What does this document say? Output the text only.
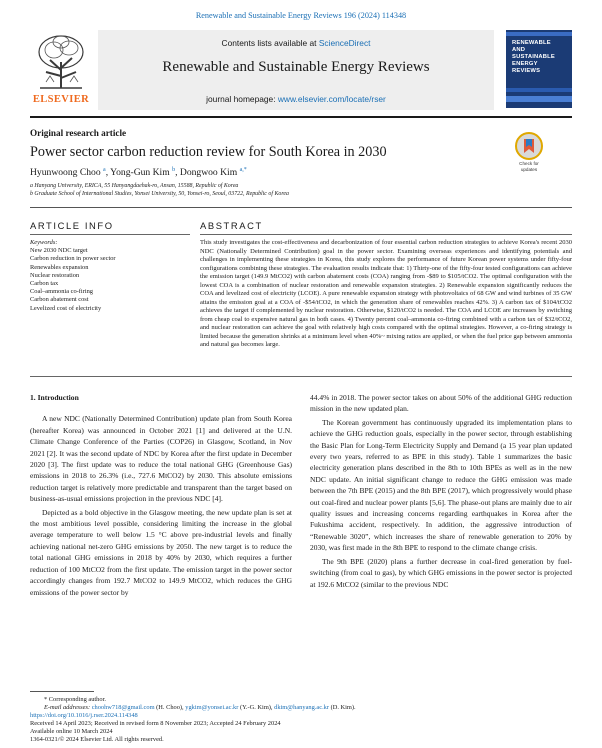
Renewable and Sustainable Energy Reviews 196 (2024) 114348
ELSEVIER
Contents lists available at ScienceDirect
Renewable and Sustainable Energy Reviews
journal homepage: www.elsevier.com/locate/rser
RENEWABLE
AND
SUSTAINABLE
ENERGY
REVIEWS
Original research article
Power sector carbon reduction review for South Korea in 2030
Check for updates
Hyunwoong Choo $^a$, Yong-Gun Kim $^b$, Dongwoo Kim $^{a,*}$
a Hanyang University, ERICA, 55 Hanyangdaehak-ro, Ansan, 15588, Republic of Korea
b Graduate School of International Studies, Yonsei University, 50, Yonsei-ro, Seoul, 03722, Republic of Korea
ARTICLE INFO	ABSTRACT
Keywords:
New 2030 NDC target
Carbon reduction in power sector
Renewables expansion
Nuclear restoration
Carbon tax
Coal–ammonia co-firing
Carbon abatement cost
Levelized cost of electricity
This study investigates the cost-effectiveness and decarbonization of four essential carbon reduction strategies to achieve Korea's recent 2030 NDC (Nationally Determined Contribution) goal in the power sector. Examining overseas experiences and identifying potentials and challenges in implementing these strategies in Korea, this study explores the performance of future Korean power systems under fifty-four configurations combining these strategies. The evaluation results indicate that: 1) Thirty-one of the fifty-four tested configurations can achieve the emission target (149.9 MtCO2) with carbon abatement costs (COA) ranging from -$89 to $105/tCO2. The optimal configuration with the lowest COA is a combination of nuclear restoration and renewable expansion strategies. 2) Renewable expansion significantly reduces the COA and levelized cost of electricity (LCOE). A pure renewable expansion strategy with photovoltaics of 68 GW and wind turbines of 35 GW attains the emission goal at a COA of -$54/tCO2, in which the generation share of renewables reaches 42%. 3) A carbon tax of $104/tCO2 achieves the target if complemented by nuclear restoration. Otherwise, $120/tCO2 is needed. The COA and LCOE are increases by switching from cheap coal to expensive natural gas in both cases. 4) Twenty percent coal–ammonia co-firing combined with a carbon tax of $32/tCO2, and nuclear restoration can achieve the goal with relatively high costs compared with the optimal strategies. However, a co-firing strategy is limited because the generation shrinks at a minimum level when 40%~ mixing ratios are applied, or when the fuel price gap between ammonia and natural gas becomes large.
1. Introduction

A new NDC (Nationally Determined Contribution) update plan from South Korea (hereafter Korea) was announced in October 2021 [1] and delivered at the U.N. Climate Change Conference of the Parties (COP26) in Glasgow, Scotland, in Nov 2021 [2]. It was the second update of NDC by Korea after the first update in December 2020 [3]. The first update was to reduce the total national GHG (Greenhouse Gas) emissions in 2018 to 26.3% (i.e., 727.6 MtCO2) by 2030. This absolute emissions reduction target is relatively more predictable and transparent than the target based on business-as-usual emissions projection in the previous NDC [4].

Depicted as a bold objective in the Glasgow meeting, the new update plan is set at the most ambitious level possible, considering limiting the increase in the global average temperature to well below 1.5 °C above pre-industrial levels and finally achieving national net-zero GHG emissions by 2050. The new target is to reduce the total national GHG emissions in 2018 by 40% by 2030, which requires a further reduction of 100 MtCO2 from the first update. The emission target in the power sector accordingly changes from 192.7 MtCO2 to 149.9 MtCO2, which reduces the GHG emissions of the power sector by

44.4% in 2018. The power sector takes on about 50% of the additional GHG reduction mission in the new updated plan.

The Korean government has continuously upgraded its implementation plans to achieve the GHG reduction goals, especially in the power sector, through establishing the Basic Plan for Long-Term Electricity Supply and Demand (a 15 year plan updated every two years, referred to as BPE in this study). Table 1 summarizes the basic electricity generation plans described in the 8th to 10th BPEs as well as in the new NDC update. An initial significant change to reduce the GHG emission was made between the 7th BPE (2015) and the 8th BPE (2017), which progressively would phase out coal-fired and nuclear power plants [5,6]. The phase-out plans are mainly due to air quality issues and increasing concerns regarding earthquakes in Korea after the Fukushima accident, respectively. In addition, the aggressive introduction of “Renewable 3020”, which increases the share of renewable generation to 20% by 2030, was first made in the 8th BPE to respond to the climate change crisis.

The 9th BPE (2020) plans a further decrease in coal-fired generation by fuel-switching (from coal to gas), by which GHG emissions in the power sector is projected at 192.6 MtCO2 (similar to the previous NDC

* Corresponding author.
E-mail addresses: choohw718@gmail.com (H. Choo), ygkim@yonsei.ac.kr (Y.-G. Kim), dkim@hanyang.ac.kr (D. Kim).
https://doi.org/10.1016/j.rser.2024.114348
Received 14 April 2023; Received in revised form 8 November 2023; Accepted 24 February 2024
Available online 10 March 2024
1364-0321/© 2024 Elsevier Ltd. All rights reserved.
